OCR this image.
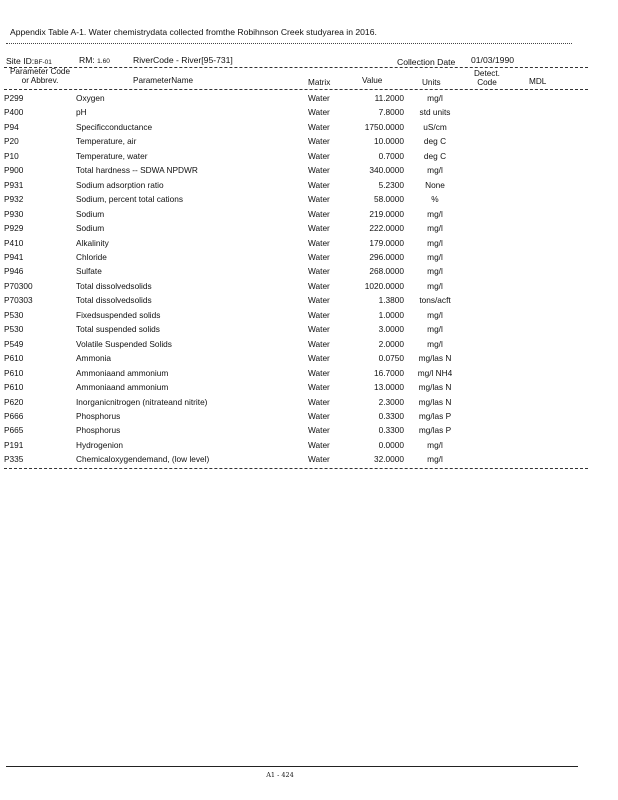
Appendix Table A-1. Water chemistrydata collected fromthe Robihnson Creek studyarea in 2016.
Site ID:BF-01	RM: 1.60	RiverCode - River[95-731]	Collection Date 01/03/1990
Parameter Code
or Abbrev.	ParameterName	Matrix	Value	Units
Detect.
Code	MDL
P299	Oxygen	Water	11.2000	mg/l
P400	pH	Water	7.8000	std units
P94	Specificconductance	Water	1750.0000	uS/cm
P20	Temperature, air	Water	10.0000	deg C
P10	Temperature, water	Water	0.7000	deg C
P900	Total hardness -- SDWA NPDWR	Water	340.0000	mg/l
P931	Sodium adsorption ratio	Water	5.2300	None
P932	Sodium, percent total cations	Water	58.0000	%
P930	Sodium	Water	219.0000	mg/l
P929	Sodium	Water	222.0000	mg/l
P410	Alkalinity	Water	179.0000	mg/l
P941	Chloride	Water	296.0000	mg/l
P946	Sulfate	Water	268.0000	mg/l
P70300	Total dissolvedsolids	Water	1020.0000	mg/l
P70303	Total dissolvedsolids	Water	1.3800	tons/acft
P530	Fixedsuspended solids	Water	1.0000	mg/l
P530	Total suspended solids	Water	3.0000	mg/l
P549	Volatile Suspended Solids	Water	2.0000	mg/l
P610	Ammonia	Water	0.0750	mg/las N
P610	Ammoniaand ammonium	Water	16.7000	mg/l NH4
P610	Ammoniaand ammonium	Water	13.0000	mg/las N
P620	Inorganicnitrogen (nitrateand nitrite)	Water	2.3000	mg/las N
P666	Phosphorus	Water	0.3300	mg/las P
P665	Phosphorus	Water	0.3300	mg/las P
P191	Hydrogenion	Water	0.0000	mg/l
P335	Chemicaloxygendemand, (low level)	Water	32.0000	mg/l
A1 - 424
